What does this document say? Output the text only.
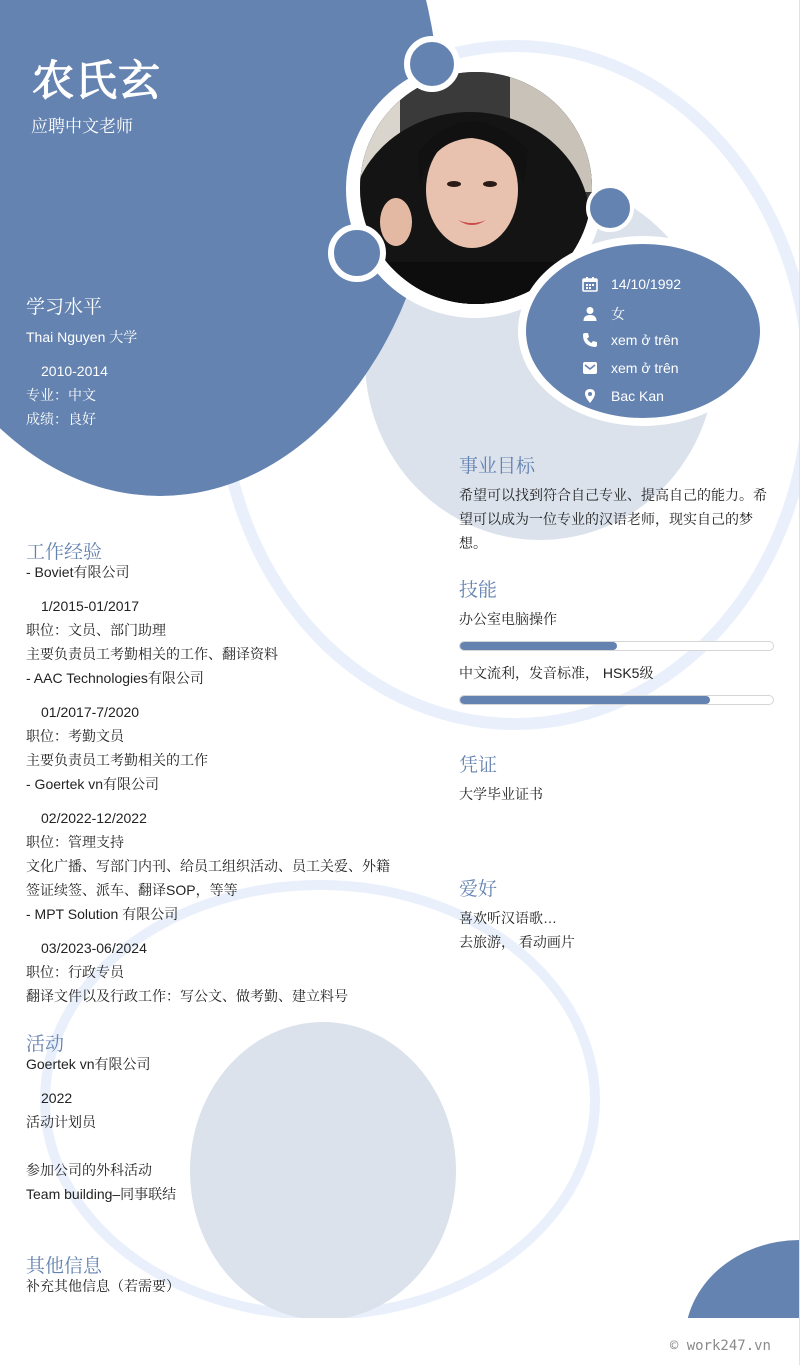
14/10/1992
女
xem ở trên
xem ở trên
Bac Kan
农氏玄
应聘中文老师
学习水平
Thai Nguyen 大学
2010-2014
专业：中文
成绩：良好
工作经验
- Boviet有限公司
1/2015-01/2017
职位：文员、部门助理
主要负责员工考勤相关的工作、翻译资料
- AAC Technologies有限公司
01/2017-7/2020
职位：考勤文员
主要负责员工考勤相关的工作
- Goertek vn有限公司
02/2022-12/2022
职位：管理支持
文化广播、写部门内刊、给员工组织活动、员工关爱、外籍
签证续签、派车、翻译SOP，等等
- MPT Solution 有限公司
03/2023-06/2024
职位：行政专员
翻译文件以及行政工作：写公文、做考勤、建立料号
活动
Goertek vn有限公司
2022
活动计划员
参加公司的外科活动
Team building–同事联结
其他信息
补充其他信息（若需要）
事业目标
希望可以找到符合自己专业、提高自己的能力。希
望可以成为一位专业的汉语老师，现实自己的梦
想。
技能
办公室电脑操作
中文流利，发音标准， HSK5级
凭证
大学毕业证书
爱好
喜欢听汉语歌…
去旅游， 看动画片
© work247.vn
